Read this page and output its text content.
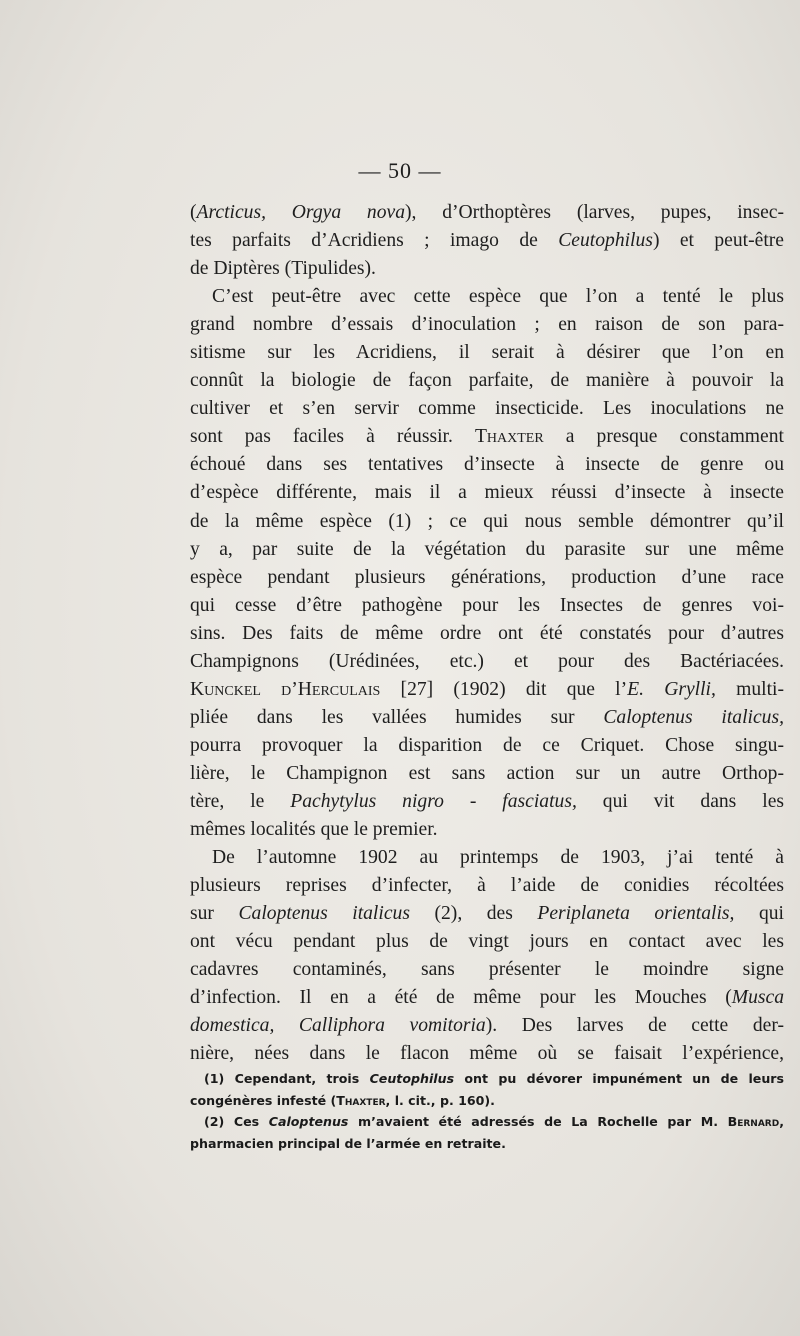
— 50 —
(Arcticus, Orgya nova), d’Orthoptères (larves, pupes, insec-
tes parfaits d’Acridiens ; imago de Ceutophilus) et peut-être
de Diptères (Tipulides).
C’est peut-être avec cette espèce que l’on a tenté le plus
grand nombre d’essais d’inoculation ; en raison de son para-
sitisme sur les Acridiens, il serait à désirer que l’on en
connût la biologie de façon parfaite, de manière à pouvoir la
cultiver et s’en servir comme insecticide. Les inoculations ne
sont pas faciles à réussir. Thaxter a presque constamment
échoué dans ses tentatives d’insecte à insecte de genre ou
d’espèce différente, mais il a mieux réussi d’insecte à insecte
de la même espèce (1) ; ce qui nous semble démontrer qu’il
y a, par suite de la végétation du parasite sur une même
espèce pendant plusieurs générations, production d’une race
qui cesse d’être pathogène pour les Insectes de genres voi-
sins. Des faits de même ordre ont été constatés pour d’autres
Champignons (Urédinées, etc.) et pour des Bactériacées.
Kunckel d’Herculais [27] (1902) dit que l’E. Grylli, multi-
pliée dans les vallées humides sur Caloptenus italicus,
pourra provoquer la disparition de ce Criquet. Chose singu-
lière, le Champignon est sans action sur un autre Orthop-
tère, le Pachytylus nigro - fasciatus, qui vit dans les
mêmes localités que le premier.
De l’automne 1902 au printemps de 1903, j’ai tenté à
plusieurs reprises d’infecter, à l’aide de conidies récoltées
sur Caloptenus italicus (2), des Periplaneta orientalis, qui
ont vécu pendant plus de vingt jours en contact avec les
cadavres contaminés, sans présenter le moindre signe
d’infection. Il en a été de même pour les Mouches (Musca
domestica, Calliphora vomitoria). Des larves de cette der-
nière, nées dans le flacon même où se faisait l’expérience,
(1) Cependant, trois Ceutophilus ont pu dévorer impunément un de leurs
congénères infesté (Thaxter, l. cit., p. 160).
(2) Ces Caloptenus m’avaient été adressés de La Rochelle par M. Bernard,
pharmacien principal de l’armée en retraite.
